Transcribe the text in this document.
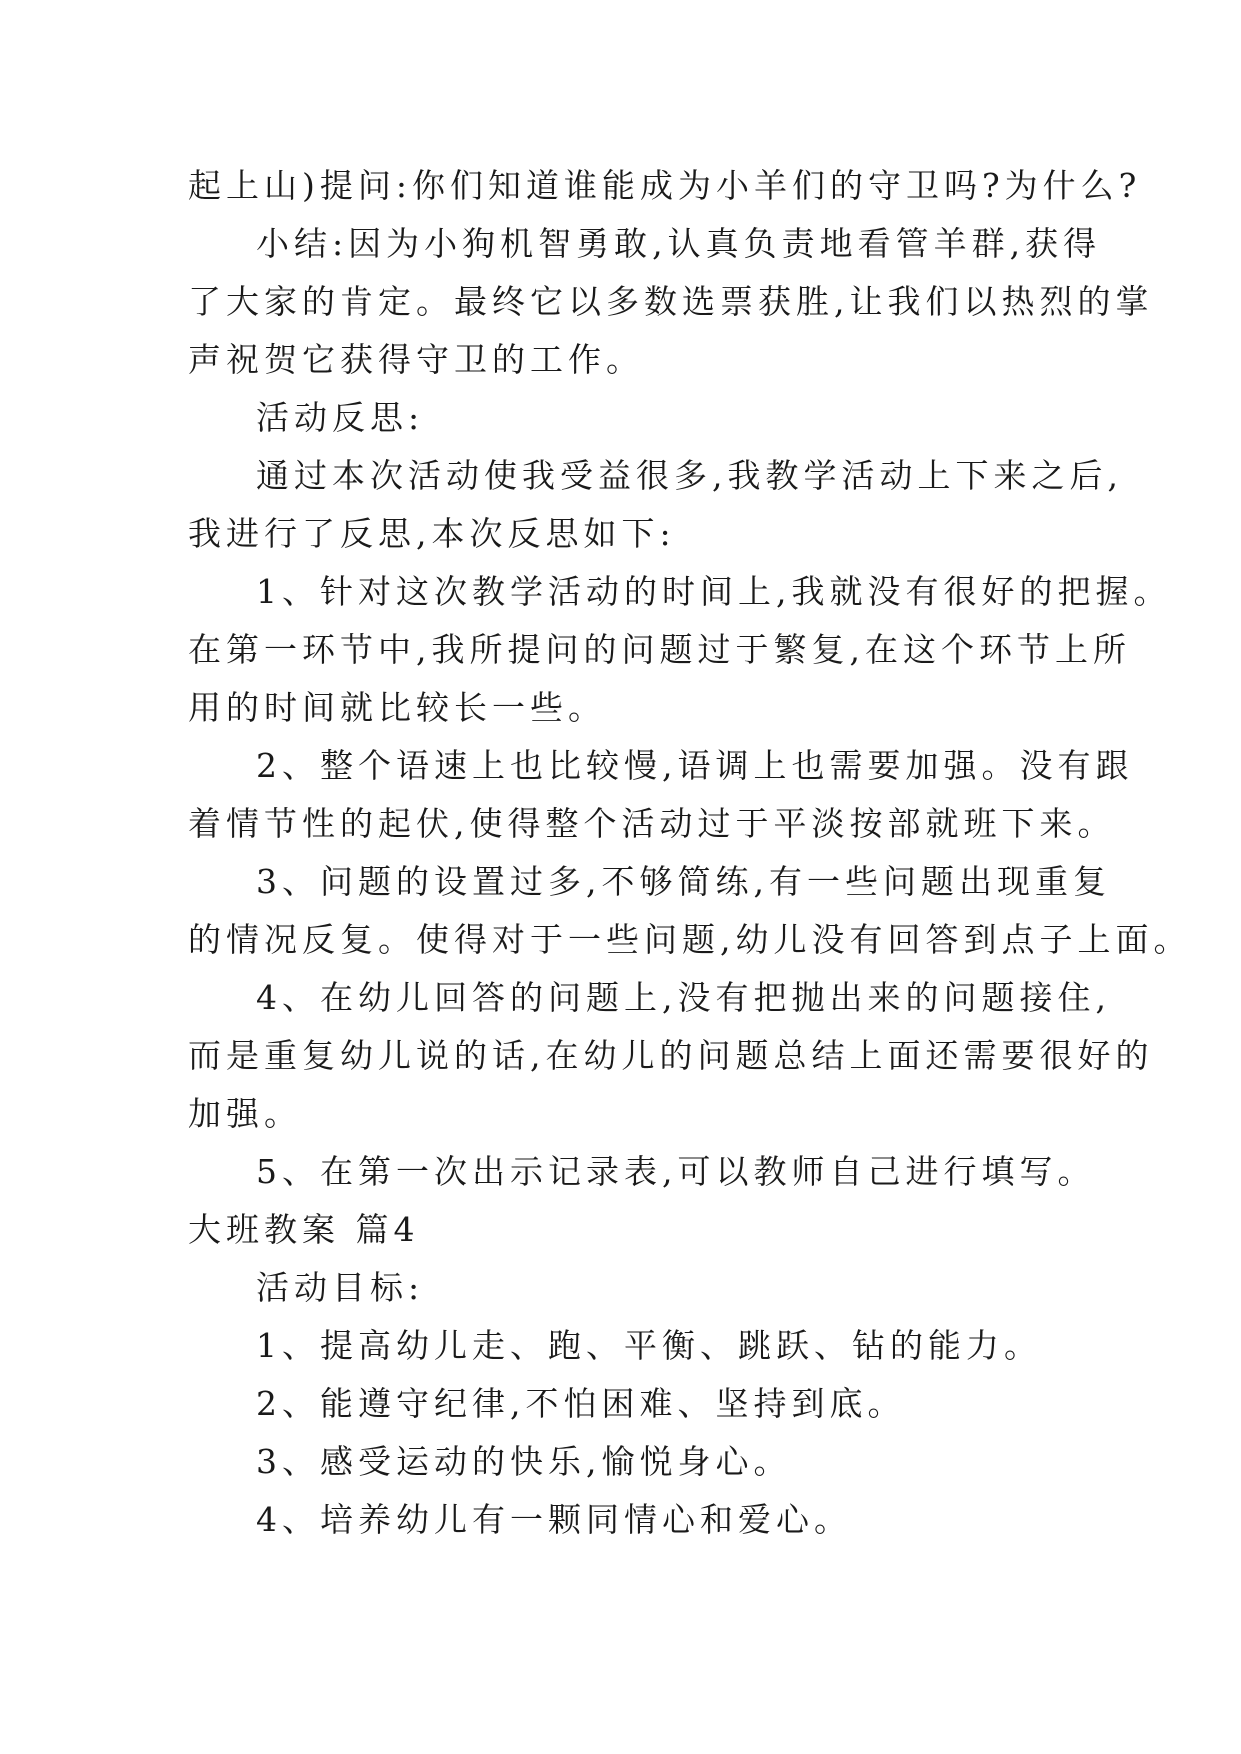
起上山)提问:你们知道谁能成为小羊们的守卫吗?为什么?
小结:因为小狗机智勇敢,认真负责地看管羊群,获得
了大家的肯定。最终它以多数选票获胜,让我们以热烈的掌
声祝贺它获得守卫的工作。
活动反思:
通过本次活动使我受益很多,我教学活动上下来之后,
我进行了反思,本次反思如下:
1、针对这次教学活动的时间上,我就没有很好的把握。
在第一环节中,我所提问的问题过于繁复,在这个环节上所
用的时间就比较长一些。
2、整个语速上也比较慢,语调上也需要加强。没有跟
着情节性的起伏,使得整个活动过于平淡按部就班下来。
3、问题的设置过多,不够简练,有一些问题出现重复
的情况反复。使得对于一些问题,幼儿没有回答到点子上面。
4、在幼儿回答的问题上,没有把抛出来的问题接住,
而是重复幼儿说的话,在幼儿的问题总结上面还需要很好的
加强。
5、在第一次出示记录表,可以教师自己进行填写。
大班教案 篇4
活动目标:
1、提高幼儿走、跑、平衡、跳跃、钻的能力。
2、能遵守纪律,不怕困难、坚持到底。
3、感受运动的快乐,愉悦身心。
4、培养幼儿有一颗同情心和爱心。
